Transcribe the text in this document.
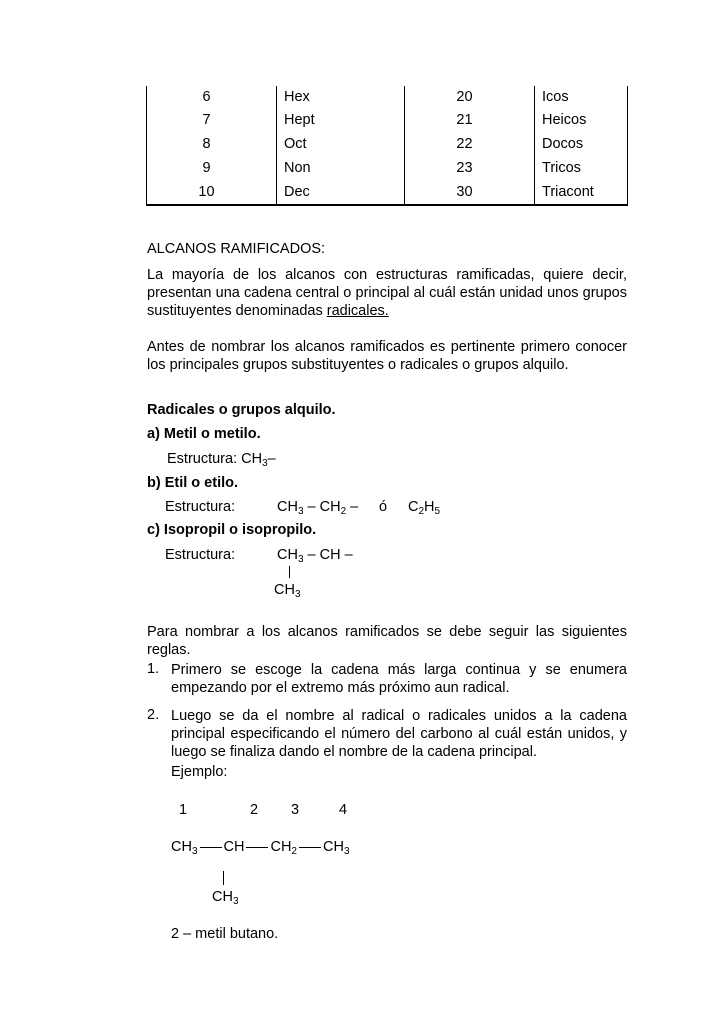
6	Hex	20	Icos
7	Hept	21	Heicos
8	Oct	22	Docos
9	Non	23	Tricos
10	Dec	30	Triacont
ALCANOS RAMIFICADOS:
La mayoría de los alcanos con estructuras ramificadas, quiere decir, presentan una cadena central o principal al cuál están unidad unos grupos sustituyentes denominadas radicales.
Antes de nombrar los alcanos ramificados es pertinente primero conocer los principales grupos substituyentes o radicales o grupos alquilo.
Radicales o grupos alquilo.
a) Metil o metilo.
Estructura: $CH_3-$
b) Etil o etilo.
Estructura:	$CH_3 - CH_2$ – ó $C_2H_5$
c) Isopropil o isopropilo.
Estructura:	$CH_3$ – CH –
$CH_3$
Para nombrar a los alcanos ramificados se debe seguir las siguientes reglas.
1. Primero se escoge la cadena más larga continua y se enumera empezando por el extremo más próximo aun radical.
2. Luego se da el nombre al radical o radicales unidos a la cadena principal especificando el número del carbono al cuál están unidos, y luego se finaliza dando el nombre de la cadena principal.
Ejemplo:
1	2 3	4
$CH_3$ CH $CH_2$ $CH_3$
$CH_3$
2 – metil butano.
